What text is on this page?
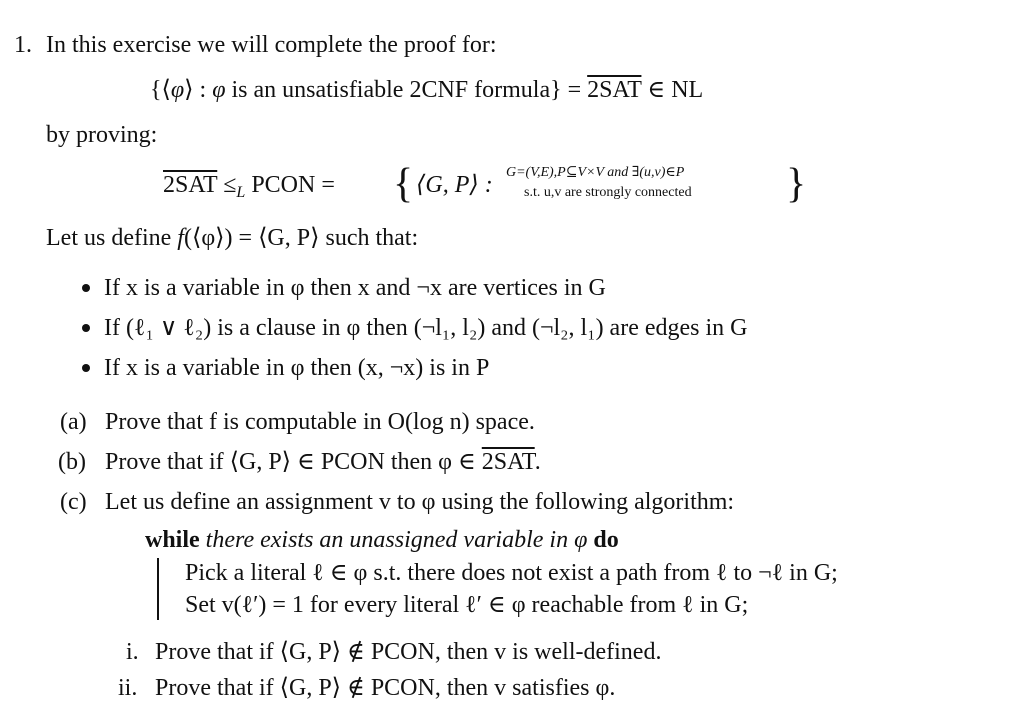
1. In this exercise we will complete the proof for:
{⟨φ⟩ : φ is an unsatisfiable 2CNF formula} = 2SAT ∈ NL
by proving:
$2SAT \le_L$ PCON = { ⟨G, P⟩ : G=(V,E),P⊆V×V and ∃(u,v)∈P
s.t. u,v are strongly connected }
Let us define f(⟨φ⟩) = ⟨G, P⟩ such that:
If x is a variable in φ then x and ¬x are vertices in G
If (ℓ₁ ∨ ℓ₂) is a clause in φ then (¬l₁, l₂) and (¬l₂, l₁) are edges in G
If x is a variable in φ then (x, ¬x) is in P
(a) Prove that f is computable in O(log n) space.
(b) Prove that if ⟨G, P⟩ ∈ PCON then φ ∈ 2SAT.
(c) Let us define an assignment v to φ using the following algorithm:
while there exists an unassigned variable in φ do
Pick a literal ℓ ∈ φ s.t. there does not exist a path from ℓ to ¬ℓ in G;
Set v(ℓ′) = 1 for every literal ℓ′ ∈ φ reachable from ℓ in G;
i. Prove that if ⟨G, P⟩ ∉ PCON, then v is well-defined.
ii. Prove that if ⟨G, P⟩ ∉ PCON, then v satisfies φ.
